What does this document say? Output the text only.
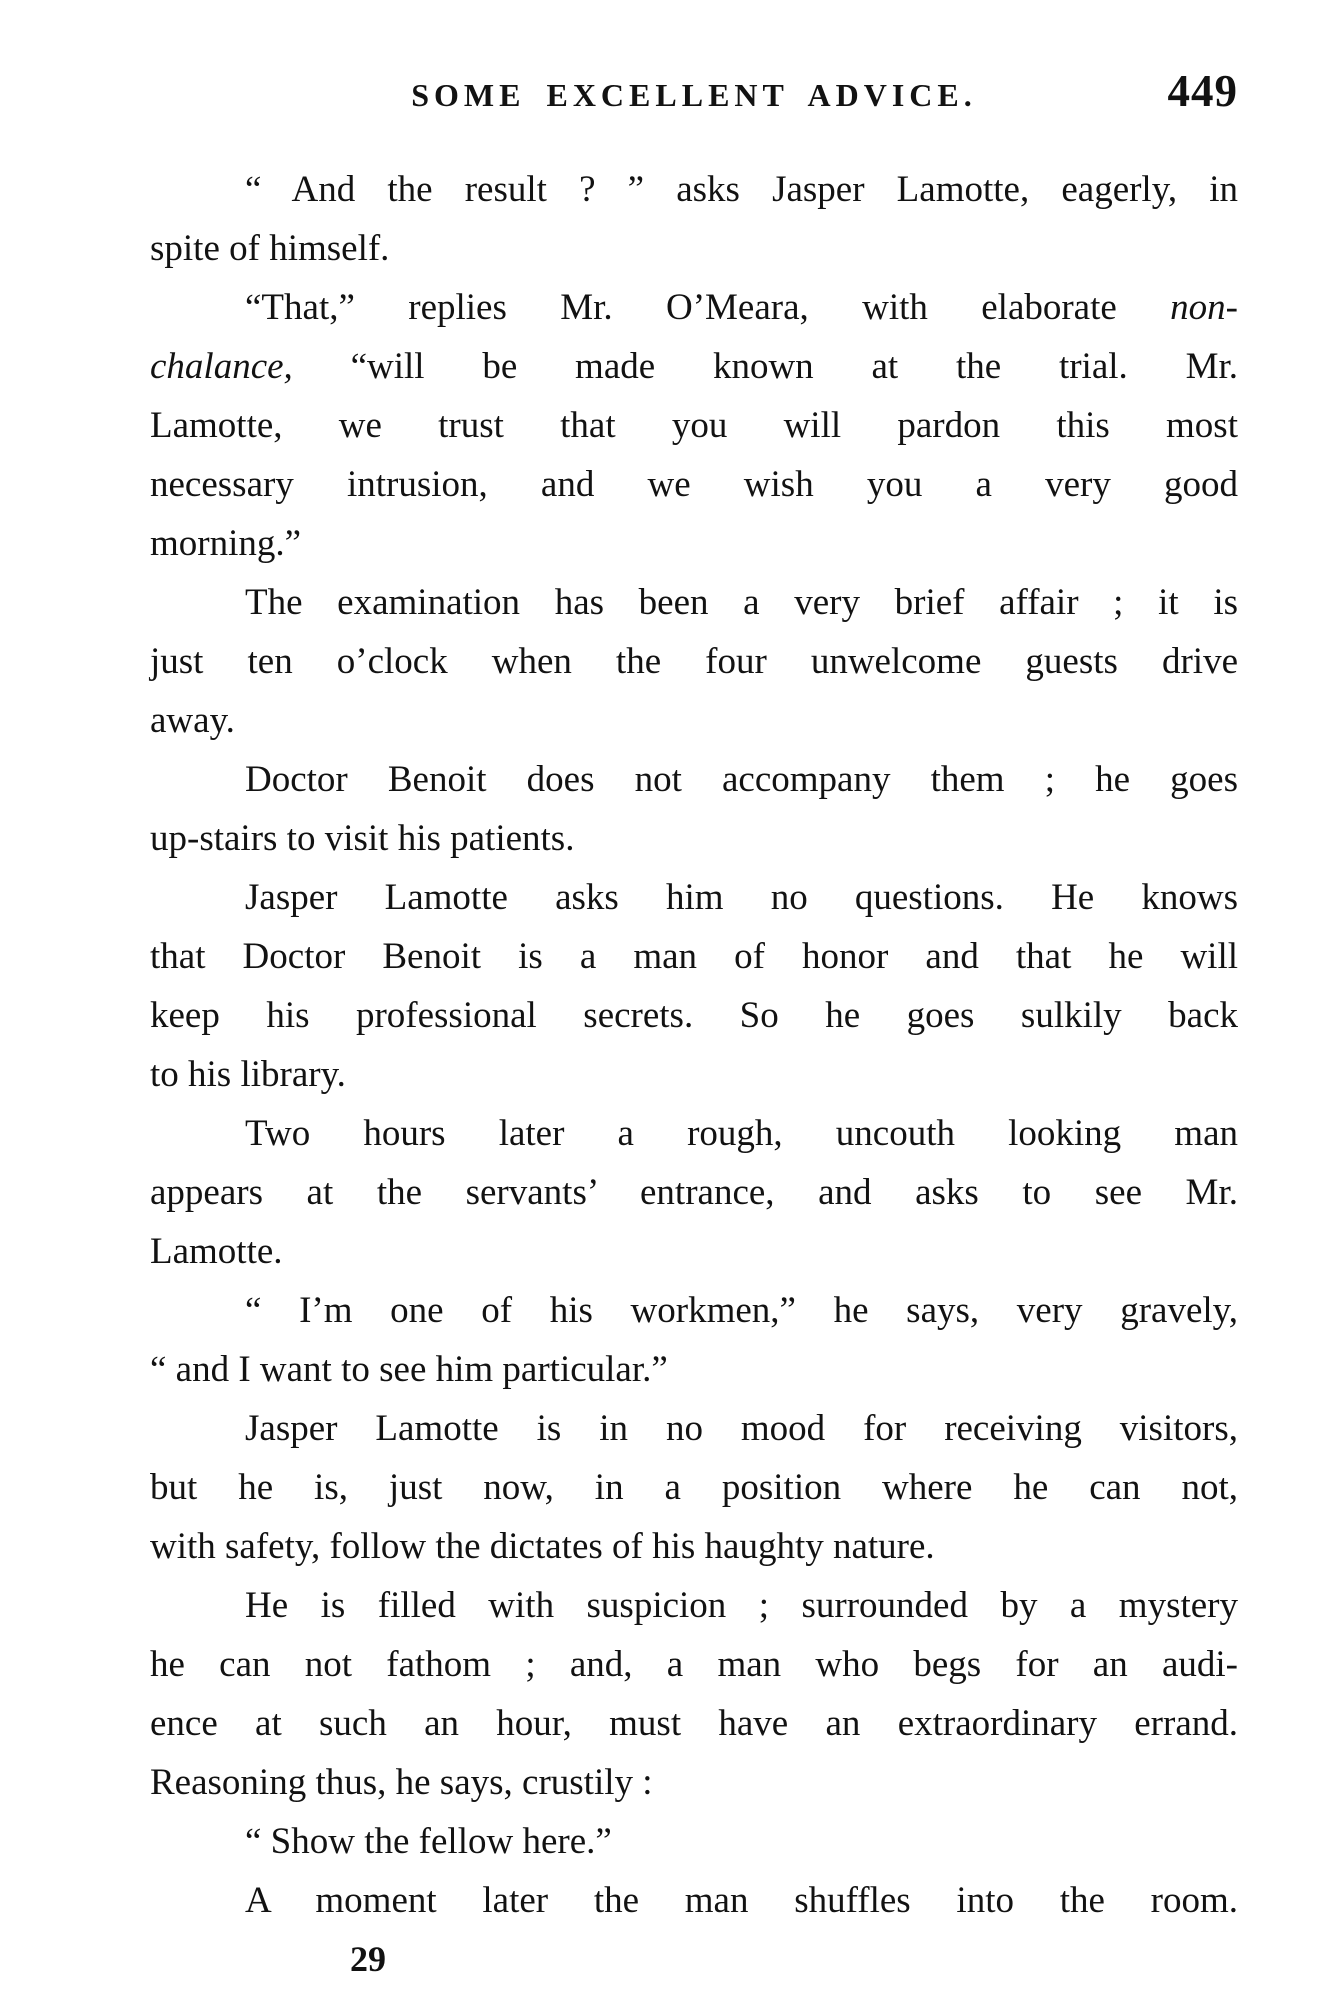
SOME EXCELLENT ADVICE.	449
“ And the result ? ” asks Jasper Lamotte, eagerly, in
spite of himself.
“That,” replies Mr. O’Meara, with elaborate non-
chalance, “will be made known at the trial. Mr.
Lamotte, we trust that you will pardon this most
necessary intrusion, and we wish you a very good
morning.”
The examination has been a very brief affair ; it is
just ten o’clock when the four unwelcome guests drive
away.
Doctor Benoit does not accompany them ; he goes
up-stairs to visit his patients.
Jasper Lamotte asks him no questions. He knows
that Doctor Benoit is a man of honor and that he will
keep his professional secrets. So he goes sulkily back
to his library.
Two hours later a rough, uncouth looking man
appears at the servants’ entrance, and asks to see Mr.
Lamotte.
“ I’m one of his workmen,” he says, very gravely,
“ and I want to see him particular.”
Jasper Lamotte is in no mood for receiving visitors,
but he is, just now, in a position where he can not,
with safety, follow the dictates of his haughty nature.
He is filled with suspicion ; surrounded by a mystery
he can not fathom ; and, a man who begs for an audi-
ence at such an hour, must have an extraordinary errand.
Reasoning thus, he says, crustily :
“ Show the fellow here.”
A moment later the man shuffles into the room.
29
